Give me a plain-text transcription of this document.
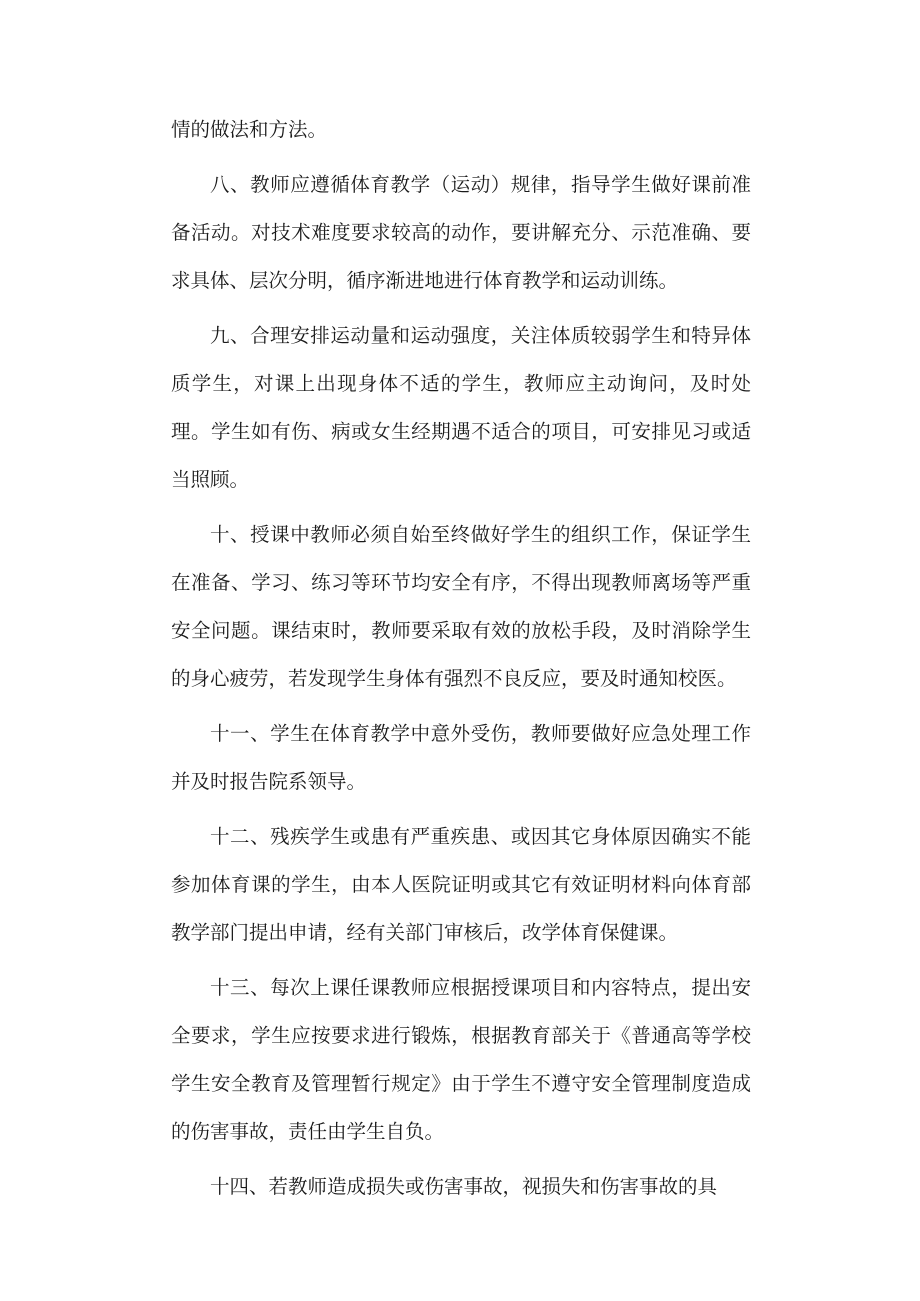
情的做法和方法。

八、教师应遵循体育教学（运动）规律，指导学生做好课前准备活动。对技术难度要求较高的动作，要讲解充分、示范准确、要求具体、层次分明，循序渐进地进行体育教学和运动训练。

九、合理安排运动量和运动强度，关注体质较弱学生和特异体质学生，对课上出现身体不适的学生，教师应主动询问，及时处理。学生如有伤、病或女生经期遇不适合的项目，可安排见习或适当照顾。

十、授课中教师必须自始至终做好学生的组织工作，保证学生在准备、学习、练习等环节均安全有序，不得出现教师离场等严重安全问题。课结束时，教师要采取有效的放松手段，及时消除学生的身心疲劳，若发现学生身体有强烈不良反应，要及时通知校医。

十一、学生在体育教学中意外受伤，教师要做好应急处理工作并及时报告院系领导。

十二、残疾学生或患有严重疾患、或因其它身体原因确实不能参加体育课的学生，由本人医院证明或其它有效证明材料向体育部教学部门提出申请，经有关部门审核后，改学体育保健课。

十三、每次上课任课教师应根据授课项目和内容特点，提出安全要求，学生应按要求进行锻炼，根据教育部关于《普通高等学校学生安全教育及管理暂行规定》由于学生不遵守安全管理制度造成的伤害事故，责任由学生自负。

十四、若教师造成损失或伤害事故，视损失和伤害事故的具
